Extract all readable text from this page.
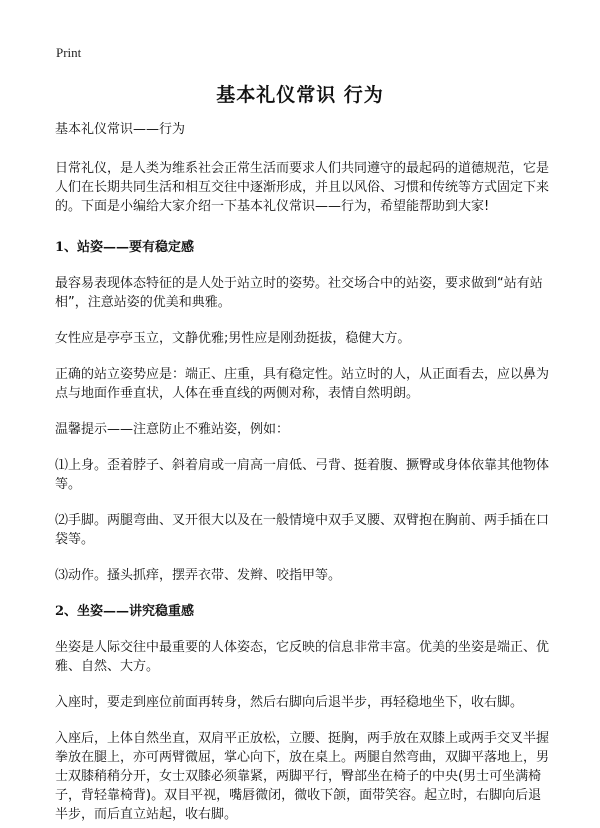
Print
基本礼仪常识 行为

基本礼仪常识——行为

日常礼仪，是人类为维系社会正常生活而要求人们共同遵守的最起码的道德规范，它是人们在长期共同生活和相互交往中逐渐形成，并且以风俗、习惯和传统等方式固定下来的。下面是小编给大家介绍一下基本礼仪常识——行为，希望能帮助到大家!

1、站姿——要有稳定感

最容易表现体态特征的是人处于站立时的姿势。社交场合中的站姿，要求做到“站有站相”，注意站姿的优美和典雅。

女性应是亭亭玉立，文静优雅;男性应是刚劲挺拔，稳健大方。

正确的站立姿势应是：端正、庄重，具有稳定性。站立时的人，从正面看去，应以鼻为点与地面作垂直状，人体在垂直线的两侧对称，表情自然明朗。

温馨提示——注意防止不雅站姿，例如：

⑴上身。歪着脖子、斜着肩或一肩高一肩低、弓背、挺着腹、撅臀或身体依靠其他物体等。

⑵手脚。两腿弯曲、叉开很大以及在一般情境中双手叉腰、双臂抱在胸前、两手插在口袋等。

⑶动作。搔头抓痒，摆弄衣带、发辫、咬指甲等。

2、坐姿——讲究稳重感

坐姿是人际交往中最重要的人体姿态，它反映的信息非常丰富。优美的坐姿是端正、优雅、自然、大方。

入座时，要走到座位前面再转身，然后右脚向后退半步，再轻稳地坐下，收右脚。

入座后，上体自然坐直，双肩平正放松，立腰、挺胸，两手放在双膝上或两手交叉半握拳放在腿上，亦可两臂微屈，掌心向下，放在桌上。两腿自然弯曲，双脚平落地上，男士双膝稍稍分开，女士双膝必须靠紧，两脚平行，臀部坐在椅子的中央(男士可坐满椅子，背轻靠椅背)。双目平视，嘴唇微闭，微收下颌，面带笑容。起立时，右脚向后退半步，而后直立站起，收右脚。
